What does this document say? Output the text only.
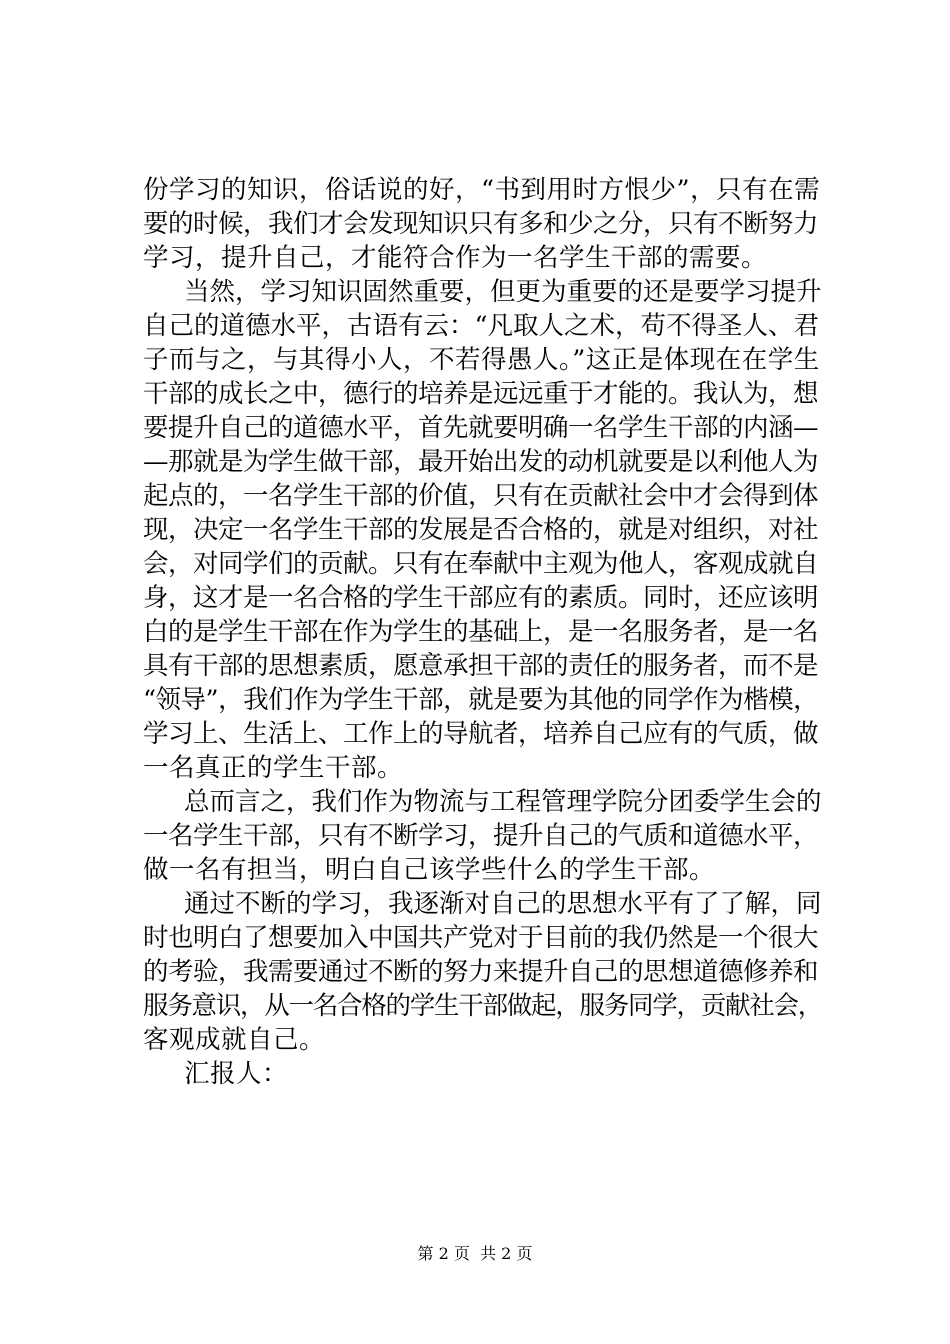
份学习的知识，俗话说的好，“书到用时方恨少”，只有在需
要的时候，我们才会发现知识只有多和少之分，只有不断努力
学习，提升自己，才能符合作为一名学生干部的需要。
当然，学习知识固然重要，但更为重要的还是要学习提升
自己的道德水平，古语有云：“凡取人之术，苟不得圣人、君
子而与之，与其得小人，不若得愚人。”这正是体现在在学生
干部的成长之中，德行的培养是远远重于才能的。我认为，想
要提升自己的道德水平，首先就要明确一名学生干部的内涵—
—那就是为学生做干部，最开始出发的动机就要是以利他人为
起点的，一名学生干部的价值，只有在贡献社会中才会得到体
现，决定一名学生干部的发展是否合格的，就是对组织，对社
会，对同学们的贡献。只有在奉献中主观为他人，客观成就自
身，这才是一名合格的学生干部应有的素质。同时，还应该明
白的是学生干部在作为学生的基础上，是一名服务者，是一名
具有干部的思想素质，愿意承担干部的责任的服务者，而不是
“领导”，我们作为学生干部，就是要为其他的同学作为楷模，
学习上、生活上、工作上的导航者，培养自己应有的气质，做
一名真正的学生干部。
总而言之，我们作为物流与工程管理学院分团委学生会的
一名学生干部，只有不断学习，提升自己的气质和道德水平，
做一名有担当，明白自己该学些什么的学生干部。
通过不断的学习，我逐渐对自己的思想水平有了了解，同
时也明白了想要加入中国共产党对于目前的我仍然是一个很大
的考验，我需要通过不断的努力来提升自己的思想道德修养和
服务意识，从一名合格的学生干部做起，服务同学，贡献社会，
客观成就自己。
汇报人：
第 2 页  共 2 页
